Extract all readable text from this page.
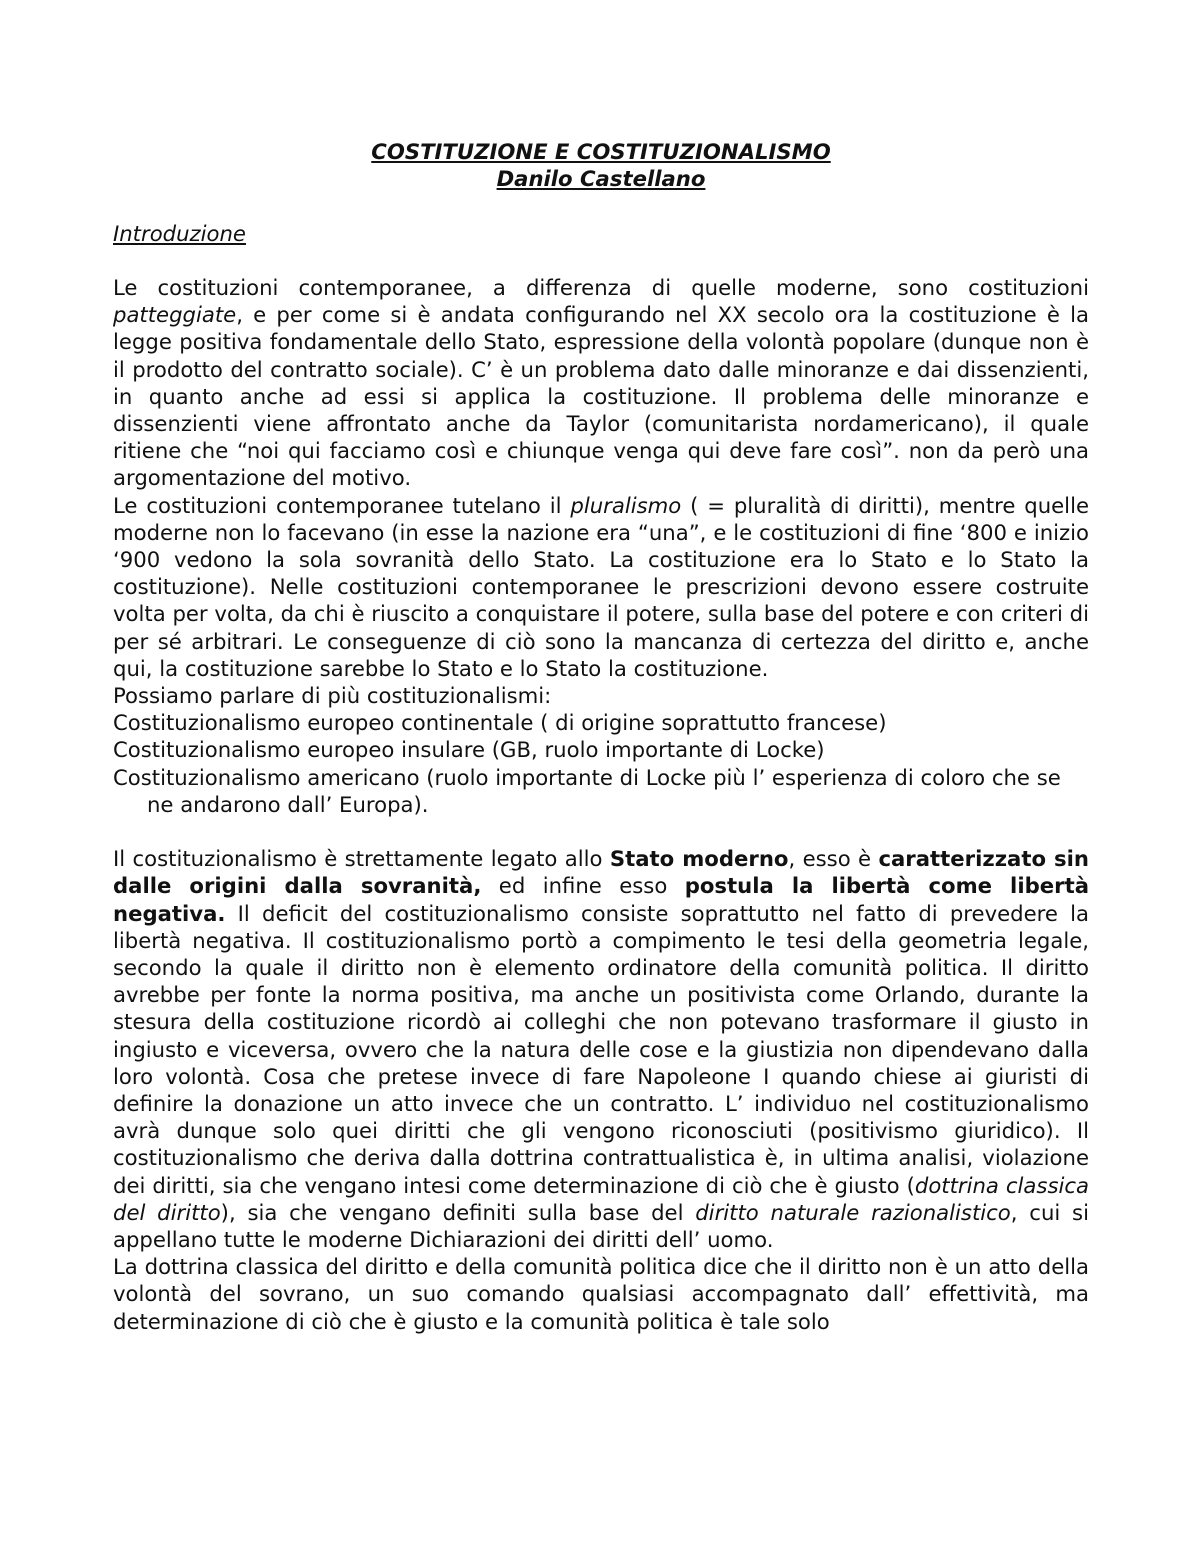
COSTITUZIONE E COSTITUZIONALISMO
Danilo Castellano
Introduzione

Le costituzioni contemporanee, a differenza di quelle moderne, sono costituzioni patteggiate, e per come si è andata configurando nel XX secolo ora la costituzione è la legge positiva fondamentale dello Stato, espressione della volontà popolare (dunque non è il prodotto del contratto sociale). C’ è un problema dato dalle minoranze e dai dissenzienti, in quanto anche ad essi si applica la costituzione. Il problema delle minoranze e dissenzienti viene affrontato anche da Taylor (comunitarista nordamericano), il quale ritiene che “noi qui facciamo così e chiunque venga qui deve fare così”. non da però una argomentazione del motivo.

Le costituzioni contemporanee tutelano il pluralismo ( = pluralità di diritti), mentre quelle moderne non lo facevano (in esse la nazione era “una”, e le costituzioni di fine ‘800 e inizio ‘900 vedono la sola sovranità dello Stato. La costituzione era lo Stato e lo Stato la costituzione). Nelle costituzioni contemporanee le prescrizioni devono essere costruite volta per volta, da chi è riuscito a conquistare il potere, sulla base del potere e con criteri di per sé arbitrari. Le conseguenze di ciò sono la mancanza di certezza del diritto e, anche qui, la costituzione sarebbe lo Stato e lo Stato la costituzione.

Possiamo parlare di più costituzionalismi:

Costituzionalismo europeo continentale ( di origine soprattutto francese)
Costituzionalismo europeo insulare (GB, ruolo importante di Locke)
Costituzionalismo americano (ruolo importante di Locke più l’ esperienza di coloro che se ne andarono dall’ Europa).

Il costituzionalismo è strettamente legato allo Stato moderno, esso è caratterizzato sin dalle origini dalla sovranità, ed infine esso postula la libertà come libertà negativa. Il deficit del costituzionalismo consiste soprattutto nel fatto di prevedere la libertà negativa. Il costituzionalismo portò a compimento le tesi della geometria legale, secondo la quale il diritto non è elemento ordinatore della comunità politica. Il diritto avrebbe per fonte la norma positiva, ma anche un positivista come Orlando, durante la stesura della costituzione ricordò ai colleghi che non potevano trasformare il giusto in ingiusto e viceversa, ovvero che la natura delle cose e la giustizia non dipendevano dalla loro volontà. Cosa che pretese invece di fare Napoleone I quando chiese ai giuristi di definire la donazione un atto invece che un contratto. L’ individuo nel costituzionalismo avrà dunque solo quei diritti che gli vengono riconosciuti (positivismo giuridico). Il costituzionalismo che deriva dalla dottrina contrattualistica è, in ultima analisi, violazione dei diritti, sia che vengano intesi come determinazione di ciò che è giusto (dottrina classica del diritto), sia che vengano definiti sulla base del diritto naturale razionalistico, cui si appellano tutte le moderne Dichiarazioni dei diritti dell’ uomo.

La dottrina classica del diritto e della comunità politica dice che il diritto non è un atto della volontà del sovrano, un suo comando qualsiasi accompagnato dall’ effettività, ma determinazione di ciò che è giusto e la comunità politica è tale solo
